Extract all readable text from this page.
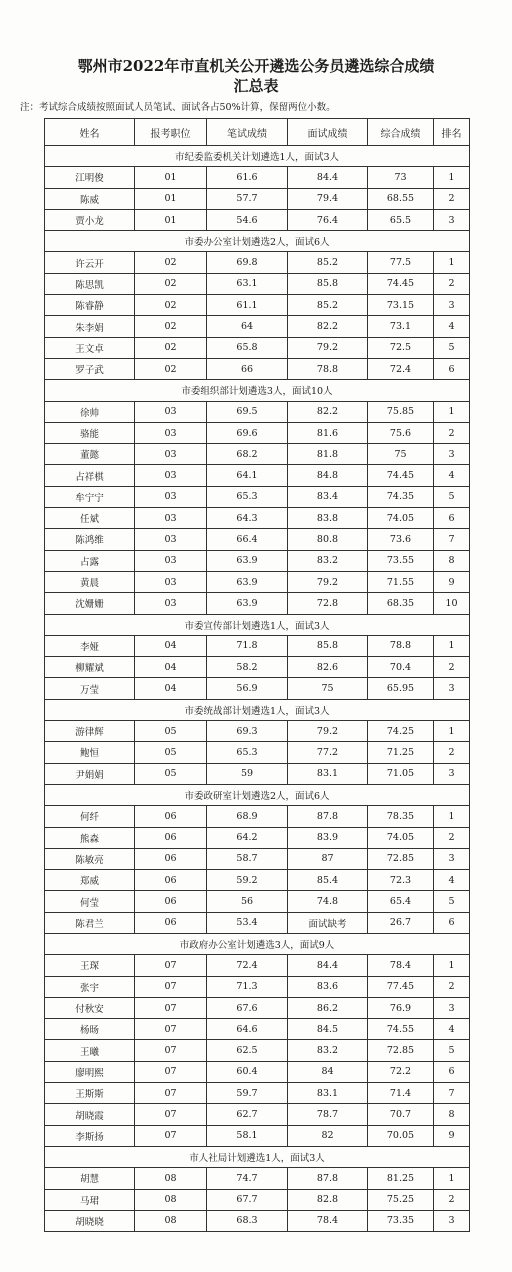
鄂州市2022年市直机关公开遴选公务员遴选综合成绩
汇总表
注：考试综合成绩按照面试人员笔试、面试各占50%计算，保留两位小数。
姓名	报考职位	笔试成绩	面试成绩	综合成绩	排名
市纪委监委机关计划遴选1人，面试3人					
江明俊	01	61.6	84.4	73	1
陈威	01	57.7	79.4	68.55	2
贾小龙	01	54.6	76.4	65.5	3
市委办公室计划遴选2人，面试6人					
许云开	02	69.8	85.2	77.5	1
陈思凯	02	63.1	85.8	74.45	2
陈睿静	02	61.1	85.2	73.15	3
朱李娟	02	64	82.2	73.1	4
王文卓	02	65.8	79.2	72.5	5
罗子武	02	66	78.8	72.4	6
市委组织部计划遴选3人，面试10人					
徐帅	03	69.5	82.2	75.85	1
骆能	03	69.6	81.6	75.6	2
董懿	03	68.2	81.8	75	3
占祥棋	03	64.1	84.8	74.45	4
牟宁宁	03	65.3	83.4	74.35	5
任斌	03	64.3	83.8	74.05	6
陈鸿维	03	66.4	80.8	73.6	7
占露	03	63.9	83.2	73.55	8
黄晨	03	63.9	79.2	71.55	9
沈姗姗	03	63.9	72.8	68.35	10
市委宣传部计划遴选1人，面试3人					
李娅	04	71.8	85.8	78.8	1
柳耀斌	04	58.2	82.6	70.4	2
万莹	04	56.9	75	65.95	3
市委统战部计划遴选1人，面试3人					
游律辉	05	69.3	79.2	74.25	1
鲍恒	05	65.3	77.2	71.25	2
尹娟娟	05	59	83.1	71.05	3
市委政研室计划遴选2人，面试6人					
何纤	06	68.9	87.8	78.35	1
熊森	06	64.2	83.9	74.05	2
陈敏亮	06	58.7	87	72.85	3
郑威	06	59.2	85.4	72.3	4
何莹	06	56	74.8	65.4	5
陈君兰	06	53.4	面试缺考	26.7	6
市政府办公室计划遴选3人，面试9人					
王琛	07	72.4	84.4	78.4	1
张宇	07	71.3	83.6	77.45	2
付秋安	07	67.6	86.2	76.9	3
杨旸	07	64.6	84.5	74.55	4
王曦	07	62.5	83.2	72.85	5
廖明熙	07	60.4	84	72.2	6
王斯斯	07	59.7	83.1	71.4	7
胡晓霞	07	62.7	78.7	70.7	8
李斯扬	07	58.1	82	70.05	9
市人社局计划遴选1人，面试3人					
胡慧	08	74.7	87.8	81.25	1
马珺	08	67.7	82.8	75.25	2
胡晓晓	08	68.3	78.4	73.35	3
